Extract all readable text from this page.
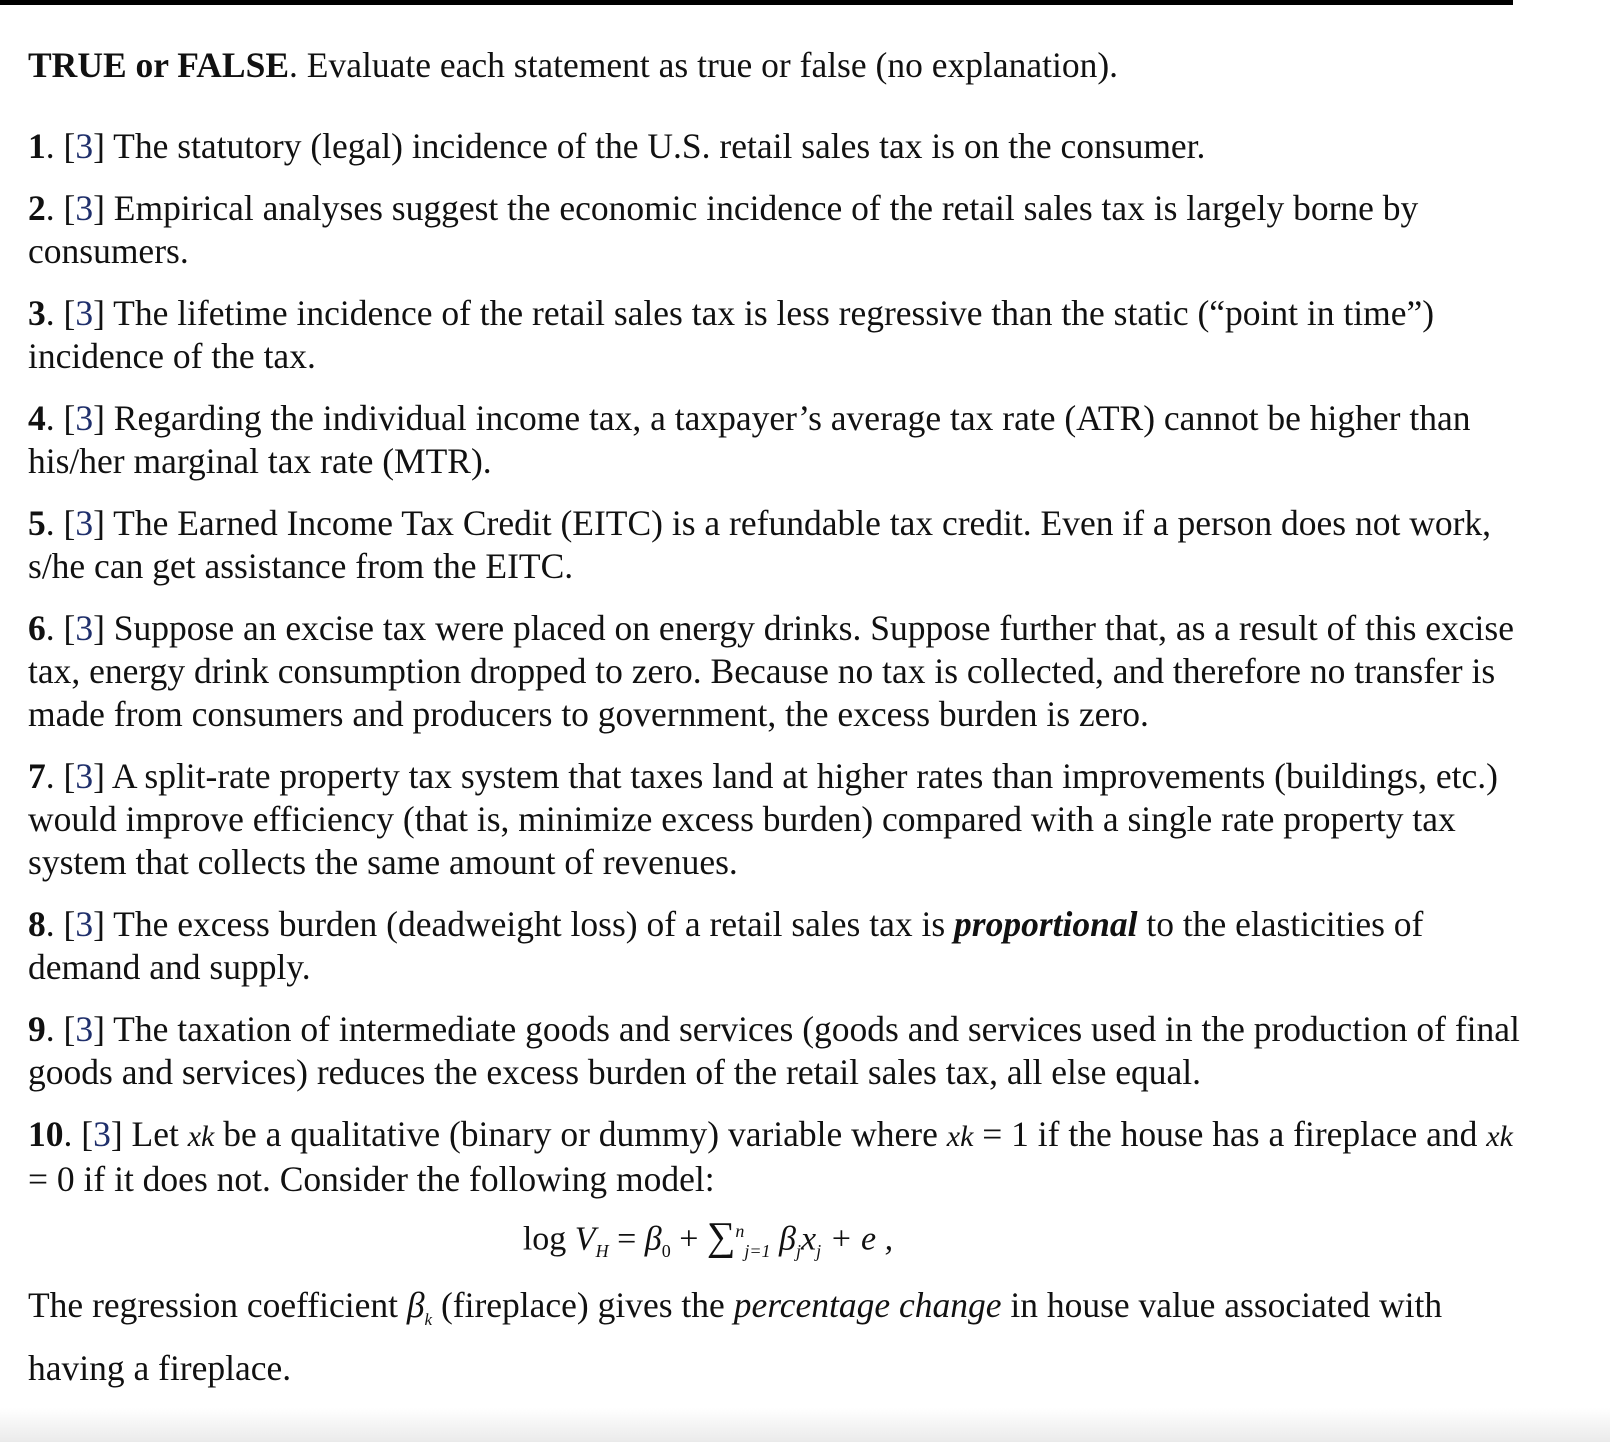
TRUE or FALSE. Evaluate each statement as true or false (no explanation).

1. [3] The statutory (legal) incidence of the U.S. retail sales tax is on the consumer.

2. [3] Empirical analyses suggest the economic incidence of the retail sales tax is largely borne by consumers.

3. [3] The lifetime incidence of the retail sales tax is less regressive than the static (“point in time”) incidence of the tax.

4. [3] Regarding the individual income tax, a taxpayer’s average tax rate (ATR) cannot be higher than his/her marginal tax rate (MTR).

5. [3] The Earned Income Tax Credit (EITC) is a refundable tax credit. Even if a person does not work, s/he can get assistance from the EITC.

6. [3] Suppose an excise tax were placed on energy drinks. Suppose further that, as a result of this excise tax, energy drink consumption dropped to zero. Because no tax is collected, and therefore no transfer is made from consumers and producers to government, the excess burden is zero.

7. [3] A split-rate property tax system that taxes land at higher rates than improvements (buildings, etc.) would improve efficiency (that is, minimize excess burden) compared with a single rate property tax system that collects the same amount of revenues.

8. [3] The excess burden (deadweight loss) of a retail sales tax is proportional to the elasticities of demand and supply.

9. [3] The taxation of intermediate goods and services (goods and services used in the production of final goods and services) reduces the excess burden of the retail sales tax, all else equal.

10. [3] Let xk be a qualitative (binary or dummy) variable where xk = 1 if the house has a fireplace and xk = 0 if it does not. Consider the following model:

$\log V_H = \beta_0 + \sum^n_{j=1}$ $\beta_jx_j + e$ ,

The regression coefficient $\beta_k$ (fireplace) gives the percentage change in house value associated with having a fireplace.
